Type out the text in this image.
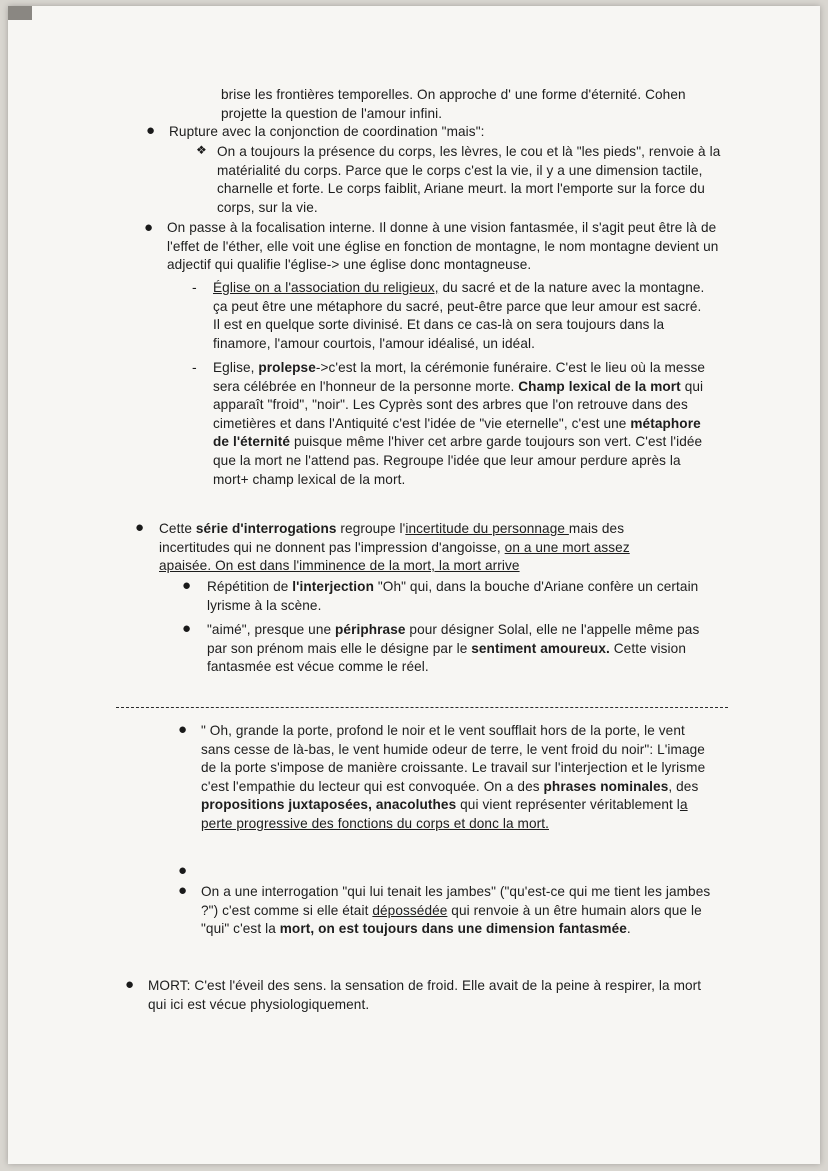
brise les frontières temporelles. On approche d' une forme d'éternité. Cohen projette la question de l'amour infini.
● Rupture avec la conjonction de coordination "mais":
❖ On a toujours la présence du corps, les lèvres, le cou et là "les pieds", renvoie à la matérialité du corps. Parce que le corps c'est la vie, il y a une dimension tactile, charnelle et forte. Le corps faiblit, Ariane meurt. la mort l'emporte sur la force du corps, sur la vie.
● On passe à la focalisation interne. Il donne à une vision fantasmée, il s'agit peut être là de l'effet de l'éther, elle voit une église en fonction de montagne, le nom montagne devient un adjectif qui qualifie l'église-> une église donc montagneuse.
- Église on a l'association du religieux, du sacré et de la nature avec la montagne. ça peut être une métaphore du sacré, peut-être parce que leur amour est sacré. Il est en quelque sorte divinisé. Et dans ce cas-là on sera toujours dans la finamore, l'amour courtois, l'amour idéalisé, un idéal.
- Eglise, prolepse->c'est la mort, la cérémonie funéraire. C'est le lieu où la messe sera célébrée en l'honneur de la personne morte. Champ lexical de la mort qui apparaît "froid", "noir". Les Cyprès sont des arbres que l'on retrouve dans des cimetières et dans l'Antiquité c'est l'idée de "vie eternelle", c'est une métaphore de l'éternité puisque même l'hiver cet arbre garde toujours son vert. C'est l'idée que la mort ne l'attend pas. Regroupe l'idée que leur amour perdure après la mort+ champ lexical de la mort.
● Cette série d'interrogations regroupe l'incertitude du personnage mais des incertitudes qui ne donnent pas l'impression d'angoisse, on a une mort assez apaisée. On est dans l'imminence de la mort, la mort arrive
● Répétition de l'interjection "Oh" qui, dans la bouche d'Ariane confère un certain lyrisme à la scène.
● "aimé", presque une périphrase pour désigner Solal, elle ne l'appelle même pas par son prénom mais elle le désigne par le sentiment amoureux. Cette vision fantasmée est vécue comme le réel.
● " Oh, grande la porte, profond le noir et le vent soufflait hors de la porte, le vent sans cesse de là-bas, le vent humide odeur de terre, le vent froid du noir": L'image de la porte s'impose de manière croissante. Le travail sur l'interjection et le lyrisme c'est l'empathie du lecteur qui est convoquée. On a des phrases nominales, des propositions juxtaposées, anacoluthes qui vient représenter véritablement la perte progressive des fonctions du corps et donc la mort.
●
● On a une interrogation "qui lui tenait les jambes" ("qu'est-ce qui me tient les jambes ?") c'est comme si elle était dépossédée qui renvoie à un être humain alors que le "qui" c'est la mort, on est toujours dans une dimension fantasmée.
● MORT: C'est l'éveil des sens. la sensation de froid. Elle avait de la peine à respirer, la mort qui ici est vécue physiologiquement.
